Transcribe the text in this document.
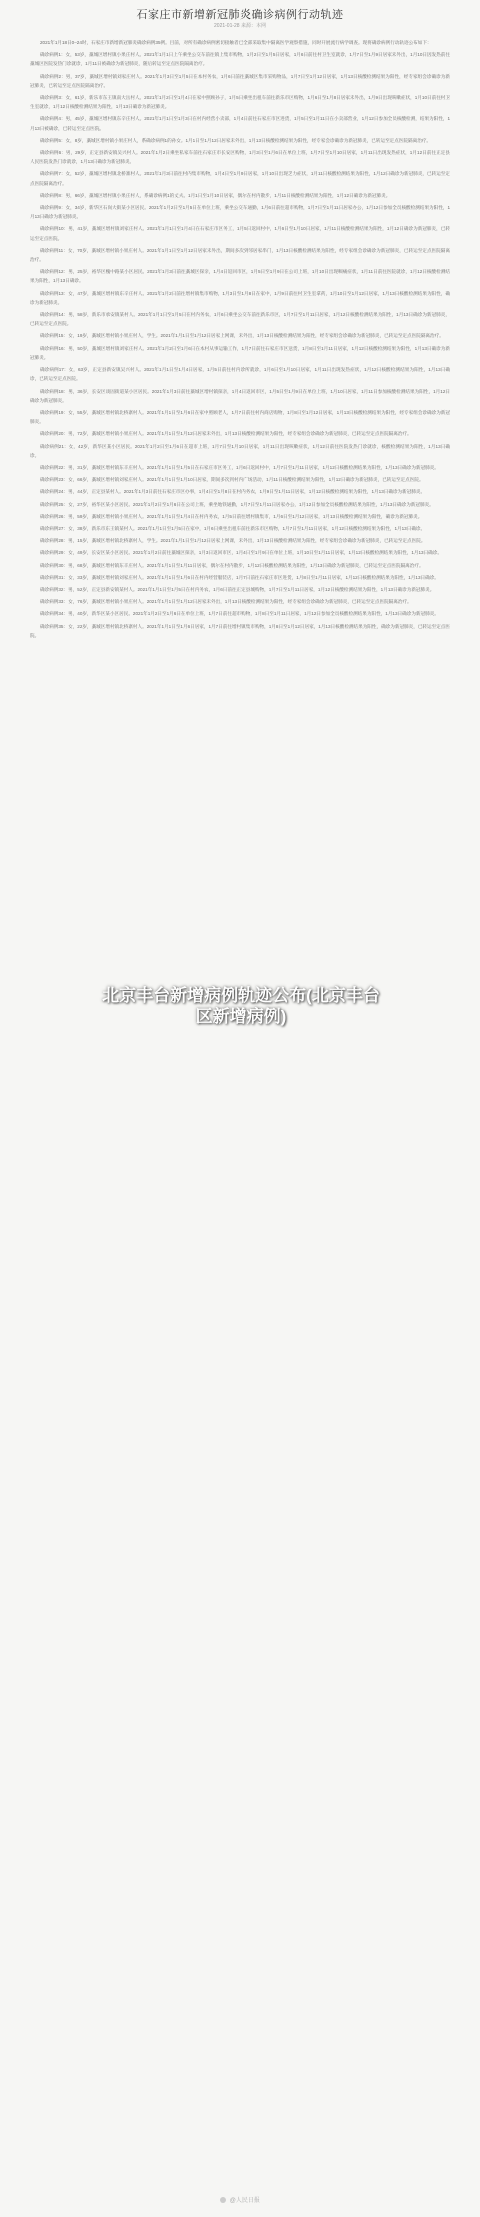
石家庄市新增新冠肺炎确诊病例行动轨迹
2021-01-28 来源：本网

2021年1月18日0–24时，石家庄市新增新冠肺炎确诊病例35例。目前，对所有确诊病例密切接触者已全部采取集中隔离医学观察措施，同时开展流行病学调查。现将确诊病例行动轨迹公布如下：

确诊病例1：女，53岁，藁城区增村镇小果庄村人。2021年1月1日上午乘坐公交车前往镇上集市购物，1月2日至1月5日居家，1月6日前往村卫生室就诊，1月7日至1月9日居家未外出，1月10日因发热前往藁城区医院发热门诊就诊，1月11日被确诊为新冠肺炎，随后转运至定点医院隔离治疗。

确诊病例2：男，37岁，藁城区增村镇刘家庄村人。2021年1月3日至1月5日在本村务农，1月6日前往藁城区集市采购物品，1月7日至1月12日居家，1月13日核酸检测结果为阳性，经专家组会诊确诊为新冠肺炎，已转运至定点医院隔离治疗。

确诊病例3：女，61岁，新乐市东王镇南大岳村人。2021年1月2日至1月4日在家中照顾孙子，1月5日乘坐出租车前往新乐市区购物，1月6日至1月8日居家未外出，1月9日出现咳嗽症状，1月10日前往村卫生室就诊，1月12日核酸检测结果为阳性，1月13日确诊为新冠肺炎。

确诊病例4：男，45岁，藁城区增村镇东辛庄村人。2021年1月1日至1月3日在村内经营小卖部，1月4日前往石家庄市区进货，1月5日至1月11日在小卖部营业，1月12日参加全员核酸检测，结果为阳性，1月13日被确诊，已转运至定点医院。

确诊病例5：女，8岁，藁城区增村镇小果庄村人，系确诊病例1的孙女。1月1日至1月12日居家未外出，1月13日核酸检测结果为阳性，经专家会诊确诊为新冠肺炎，已转运至定点医院隔离治疗。

确诊病例6：男，29岁，正定县新安镇吴兴村人。2021年1月2日乘坐私家车前往石家庄市长安区购物，1月3日至1月6日在单位上班，1月7日至1月10日居家，1月11日出现发热症状，1月12日前往正定县人民医院发热门诊就诊，1月13日确诊为新冠肺炎。

确诊病例7：女，52岁，藁城区增村镇北桥寨村人。2021年1月3日前往村内集市购物，1月4日至1月9日居家，1月10日出现乏力症状，1月11日核酸检测结果为阳性，1月12日确诊为新冠肺炎，已转运至定点医院隔离治疗。

确诊病例8：男，66岁，藁城区增村镇小果庄村人，系确诊病例1的丈夫。1月1日至1月10日居家，偶尔在村内散步，1月11日核酸检测结果为阳性，1月12日确诊为新冠肺炎。

确诊病例9：女，34岁，新华区石岗大街某小区居民。2021年1月2日至1月5日在单位上班，乘坐公交车通勤，1月6日前往超市购物，1月7日至1月11日居家办公，1月12日参加全员核酸检测结果为阳性，1月13日确诊为新冠肺炎。

确诊病例10：男，41岁，藁城区增村镇刘家庄村人。2021年1月1日至1月4日在石家庄市区务工，1月5日返回村中，1月6日至1月10日居家，1月11日核酸检测结果为阳性，1月12日确诊为新冠肺炎，已转运至定点医院。

确诊病例11：女，70岁，藁城区增村镇小果庄村人。2021年1月1日至1月12日居家未外出，期间多次到邻居家串门，1月13日核酸检测结果为阳性，经专家组会诊确诊为新冠肺炎，已转运至定点医院隔离治疗。

确诊病例12：男，25岁，裕华区槐中路某小区居民。2021年1月3日前往藁城区探亲，1月4日返回市区，1月5日至1月9日在公司上班，1月10日出现咽痛症状，1月11日前往医院就诊，1月12日核酸检测结果为阳性，1月13日确诊。

确诊病例13：女，47岁，藁城区增村镇东辛庄村人。2021年1月2日前往增村镇集市购物，1月3日至1月8日在家中，1月9日前往村卫生室拿药，1月10日至1月12日居家，1月13日核酸检测结果为阳性，确诊为新冠肺炎。

确诊病例14：男，58岁，新乐市承安镇某村人。2021年1月1日至1月5日在村内务农，1月6日乘坐公交车前往新乐市区，1月7日至1月11日居家，1月12日核酸检测结果为阳性，1月13日确诊为新冠肺炎，已转运至定点医院。

确诊病例15：女，19岁，藁城区增村镇小果庄村人，学生。2021年1月1日至1月12日居家上网课，未外出，1月13日核酸检测结果为阳性，经专家组会诊确诊为新冠肺炎，已转运至定点医院隔离治疗。

确诊病例16：男，50岁，藁城区增村镇刘家庄村人。2021年1月2日至1月6日在本村从事运输工作，1月7日前往石家庄市区送货，1月8日至1月11日居家，1月12日核酸检测结果为阳性，1月13日确诊为新冠肺炎。

确诊病例17：女，63岁，正定县新安镇吴兴村人。2021年1月1日至1月4日居家，1月5日前往村内诊所就诊，1月6日至1月10日居家，1月11日出现发热症状，1月12日核酸检测结果为阳性，1月13日确诊，已转运至定点医院。

确诊病例18：男，36岁，长安区谈固街道某小区居民。2021年1月3日前往藁城区增村镇探亲，1月4日返回市区，1月5日至1月9日在单位上班，1月10日居家，1月11日参加核酸检测结果为阳性，1月12日确诊为新冠肺炎。

确诊病例19：女，55岁，藁城区增村镇北桥寨村人。2021年1月1日至1月6日在家中照顾老人，1月7日前往村内商店购物，1月8日至1月12日居家，1月13日核酸检测结果为阳性，经专家组会诊确诊为新冠肺炎。

确诊病例20：男，72岁，藁城区增村镇小果庄村人。2021年1月1日至1月12日居家未外出，1月13日核酸检测结果为阳性，经专家组会诊确诊为新冠肺炎，已转运至定点医院隔离治疗。

确诊病例21：女，42岁，新华区某小区居民。2021年1月2日至1月6日在超市上班，1月7日至1月10日居家，1月11日出现咳嗽症状，1月12日前往医院发热门诊就诊，核酸检测结果为阳性，1月13日确诊。

确诊病例22：男，31岁，藁城区增村镇东辛庄村人。2021年1月1日至1月5日在石家庄市区务工，1月6日返回村中，1月7日至1月11日居家，1月12日核酸检测结果为阳性，1月13日确诊为新冠肺炎。

确诊病例23：女，66岁，藁城区增村镇刘家庄村人。2021年1月1日至1月10日居家，期间多次到村内广场活动，1月11日核酸检测结果为阳性，1月12日确诊为新冠肺炎，已转运至定点医院。

确诊病例24：男，44岁，正定县某村人。2021年1月3日前往石家庄市区办事，1月4日至1月8日在村内务农，1月9日至1月11日居家，1月12日核酸检测结果为阳性，1月13日确诊为新冠肺炎。

确诊病例25：女，27岁，裕华区某小区居民。2021年1月2日至1月6日在公司上班，乘坐地铁通勤，1月7日至1月11日居家办公，1月12日参加全员核酸检测结果为阳性，1月13日确诊为新冠肺炎。

确诊病例26：男，59岁，藁城区增村镇小果庄村人。2021年1月1日至1月4日在村内务农，1月5日前往增村镇集市，1月6日至1月12日居家，1月13日核酸检测结果为阳性，确诊为新冠肺炎。

确诊病例27：女，38岁，新乐市东王镇某村人。2021年1月1日至1月5日在家中，1月6日乘坐出租车前往新乐市区购物，1月7日至1月11日居家，1月12日核酸检测结果为阳性，1月13日确诊。

确诊病例28：男，15岁，藁城区增村镇北桥寨村人，学生。2021年1月1日至1月12日居家上网课，未外出，1月13日核酸检测结果为阳性，经专家组会诊确诊为新冠肺炎，已转运至定点医院。

确诊病例29：女，49岁，长安区某小区居民。2021年1月2日前往藁城区探亲，1月3日返回市区，1月4日至1月9日在单位上班，1月10日至1月11日居家，1月12日核酸检测结果为阳性，1月13日确诊。

确诊病例30：男，68岁，藁城区增村镇东辛庄村人。2021年1月1日至1月11日居家，偶尔在村内散步，1月12日核酸检测结果为阳性，1月13日确诊为新冠肺炎，已转运至定点医院隔离治疗。

确诊病例31：女，33岁，藁城区增村镇刘家庄村人。2021年1月1日至1月6日在村内经营服装店，1月7日前往石家庄市区进货，1月8日至1月11日居家，1月12日核酸检测结果为阳性，1月13日确诊。

确诊病例32：男，52岁，正定县新安镇某村人。2021年1月1日至1月5日在村内务农，1月6日前往正定县城购物，1月7日至1月11日居家，1月12日核酸检测结果为阳性，1月13日确诊为新冠肺炎。

确诊病例33：女，76岁，藁城区增村镇小果庄村人。2021年1月1日至1月12日居家未外出，1月13日核酸检测结果为阳性，经专家组会诊确诊为新冠肺炎，已转运至定点医院隔离治疗。

确诊病例34：男，40岁，新华区某小区居民。2021年1月2日至1月6日在单位上班，1月7日前往超市购物，1月8日至1月11日居家，1月12日参加全员核酸检测结果为阳性，1月13日确诊为新冠肺炎。

确诊病例35：女，22岁，藁城区增村镇北桥寨村人。2021年1月1日至1月6日居家，1月7日前往增村镇集市购物，1月8日至1月12日居家，1月13日核酸检测结果为阳性，确诊为新冠肺炎，已转运至定点医院。

北京丰台新增病例轨迹公布(北京丰台区新增病例)
@人民日报
